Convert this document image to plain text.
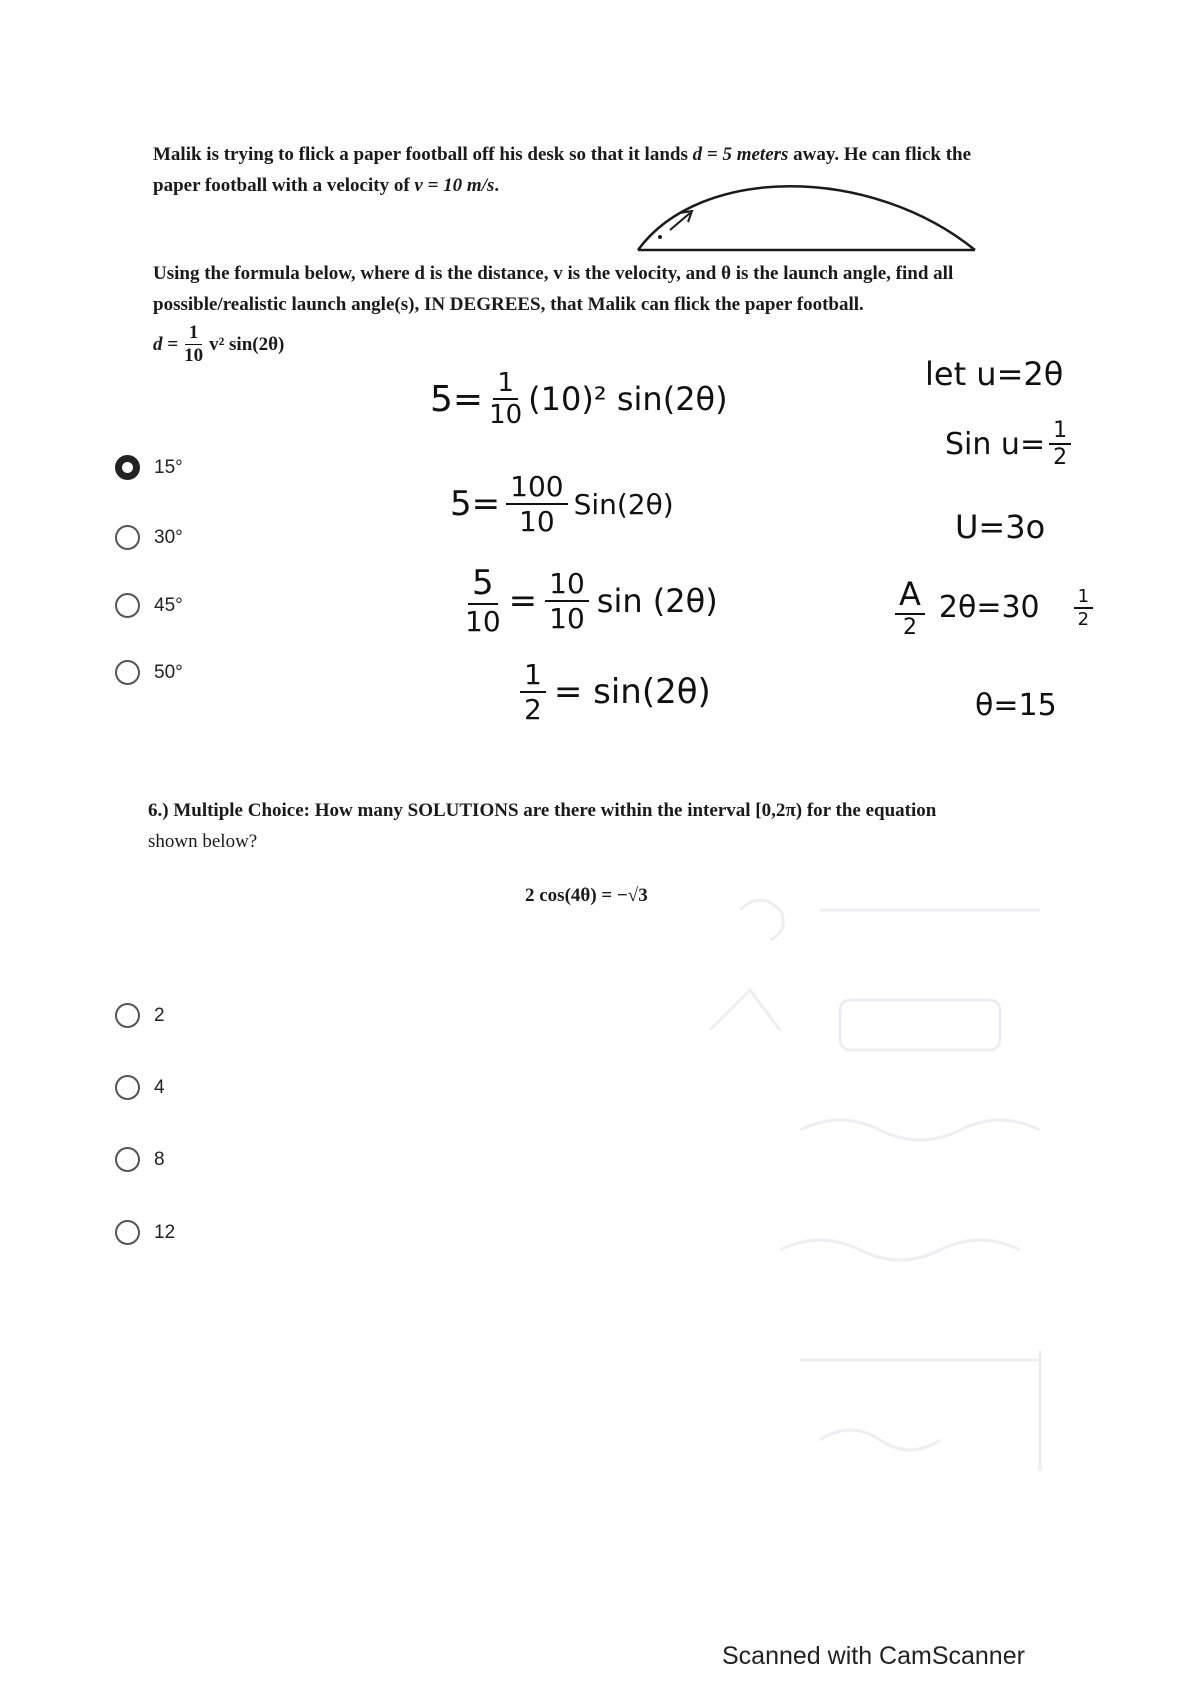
Malik is trying to flick a paper football off his desk so that it lands d = 5 meters away. He can flick the
paper football with a velocity of v = 10 m/s.
Using the formula below, where d is the distance, v is the velocity, and θ is the launch angle, find all
possible/realistic launch angle(s), IN DEGREES, that Malik can flick the paper football.
$d = \frac{1}{10} v^2$ sin(2θ)
$5= \frac{1}{10} (10)^2$ sin(2θ)
$5= \frac{100}{10} Sin(2\theta)$
$\frac{5}{10} = \frac{10}{10}$ sin (2θ)
$\frac{1}{2} = \sin(2\theta)$
let u=2θ
Sin $u= \frac{1}{2}$
U=3o
$\frac{A}{2} 2\theta=30 \frac{1}{2}$
θ=15
15°
30°
45°
50°
6.) Multiple Choice: How many SOLUTIONS are there within the interval [0,2π) for the equation
shown below?
2 cos(4θ) = −√3
2
4
8
12
Scanned with CamScanner
